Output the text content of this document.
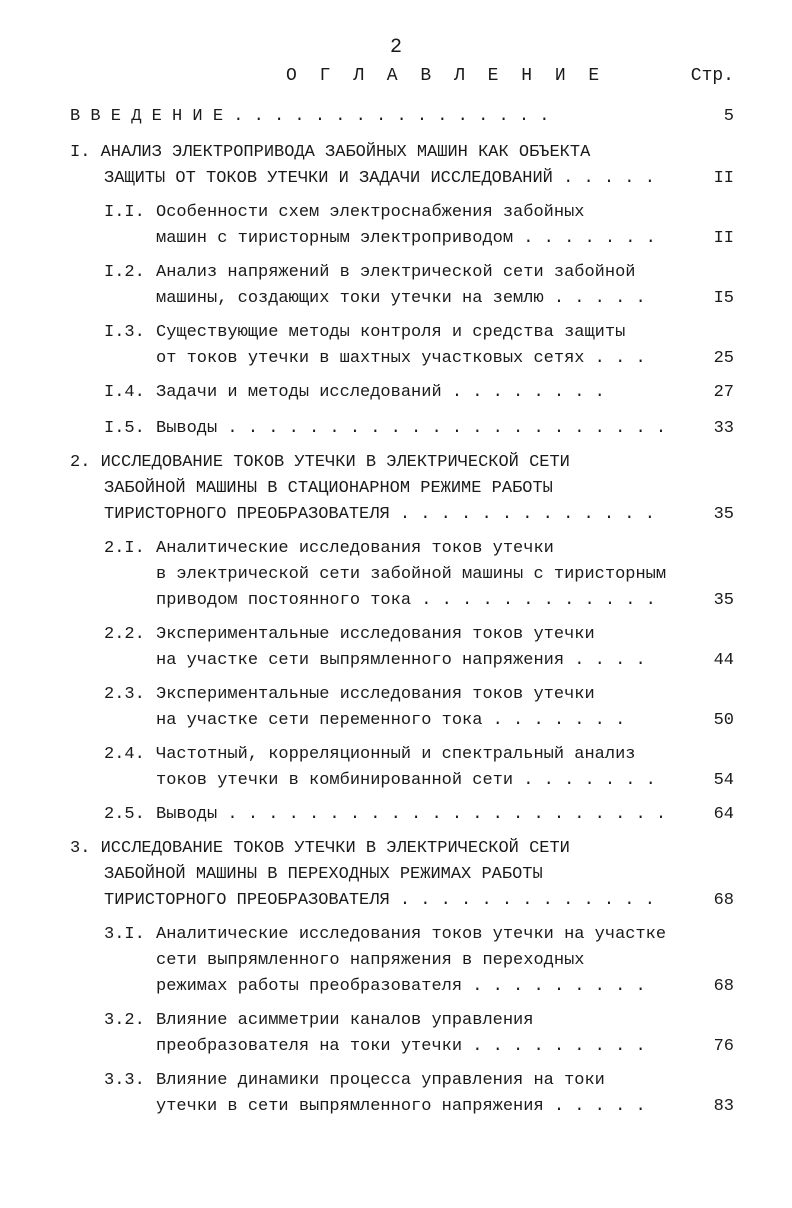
2
О Г Л А В Л Е Н И Е	Стр.
В В Е Д Е Н И Е . . . . . . . . . . . . . . . .	5
I. АНАЛИЗ ЭЛЕКТРОПРИВОДА ЗАБОЙНЫХ МАШИН КАК ОБЪЕКТА
ЗАЩИТЫ ОТ ТОКОВ УТЕЧКИ И ЗАДАЧИ ИССЛЕДОВАНИЙ . . . . .	II
I.I. Особенности схем электроснабжения забойных
машин с тиристорным электроприводом . . . . . . .	II
I.2. Анализ напряжений в электрической сети забойной
машины, создающих токи утечки на землю . . . . .	I5
I.3. Существующие методы контроля и средства защиты
от токов утечки в шахтных участковых сетях . . .	25
I.4. Задачи и методы исследований . . . . . . . .	27
I.5. Выводы . . . . . . . . . . . . . . . . . . . . . .	33
2. ИССЛЕДОВАНИЕ ТОКОВ УТЕЧКИ В ЭЛЕКТРИЧЕСКОЙ СЕТИ
ЗАБОЙНОЙ МАШИНЫ В СТАЦИОНАРНОМ РЕЖИМЕ РАБОТЫ
ТИРИСТОРНОГО ПРЕОБРАЗОВАТЕЛЯ . . . . . . . . . . . . .	35
2.I. Аналитические исследования токов утечки
в электрической сети забойной машины с тиристорным
приводом постоянного тока . . . . . . . . . . . .	35
2.2. Экспериментальные исследования токов утечки
на участке сети выпрямленного напряжения . . . .	44
2.3. Экспериментальные исследования токов утечки
на участке сети переменного тока . . . . . . .	50
2.4. Частотный, корреляционный и спектральный анализ
токов утечки в комбинированной сети . . . . . . .	54
2.5. Выводы . . . . . . . . . . . . . . . . . . . . . .	64
3. ИССЛЕДОВАНИЕ ТОКОВ УТЕЧКИ В ЭЛЕКТРИЧЕСКОЙ СЕТИ
ЗАБОЙНОЙ МАШИНЫ В ПЕРЕХОДНЫХ РЕЖИМАХ РАБОТЫ
ТИРИСТОРНОГО ПРЕОБРАЗОВАТЕЛЯ . . . . . . . . . . . . .	68
3.I. Аналитические исследования токов утечки на участке
сети выпрямленного напряжения в переходных
режимах работы преобразователя . . . . . . . . .	68
3.2. Влияние асимметрии каналов управления
преобразователя на токи утечки . . . . . . . . .	76
3.3. Влияние динамики процесса управления на токи
утечки в сети выпрямленного напряжения . . . . .	83
